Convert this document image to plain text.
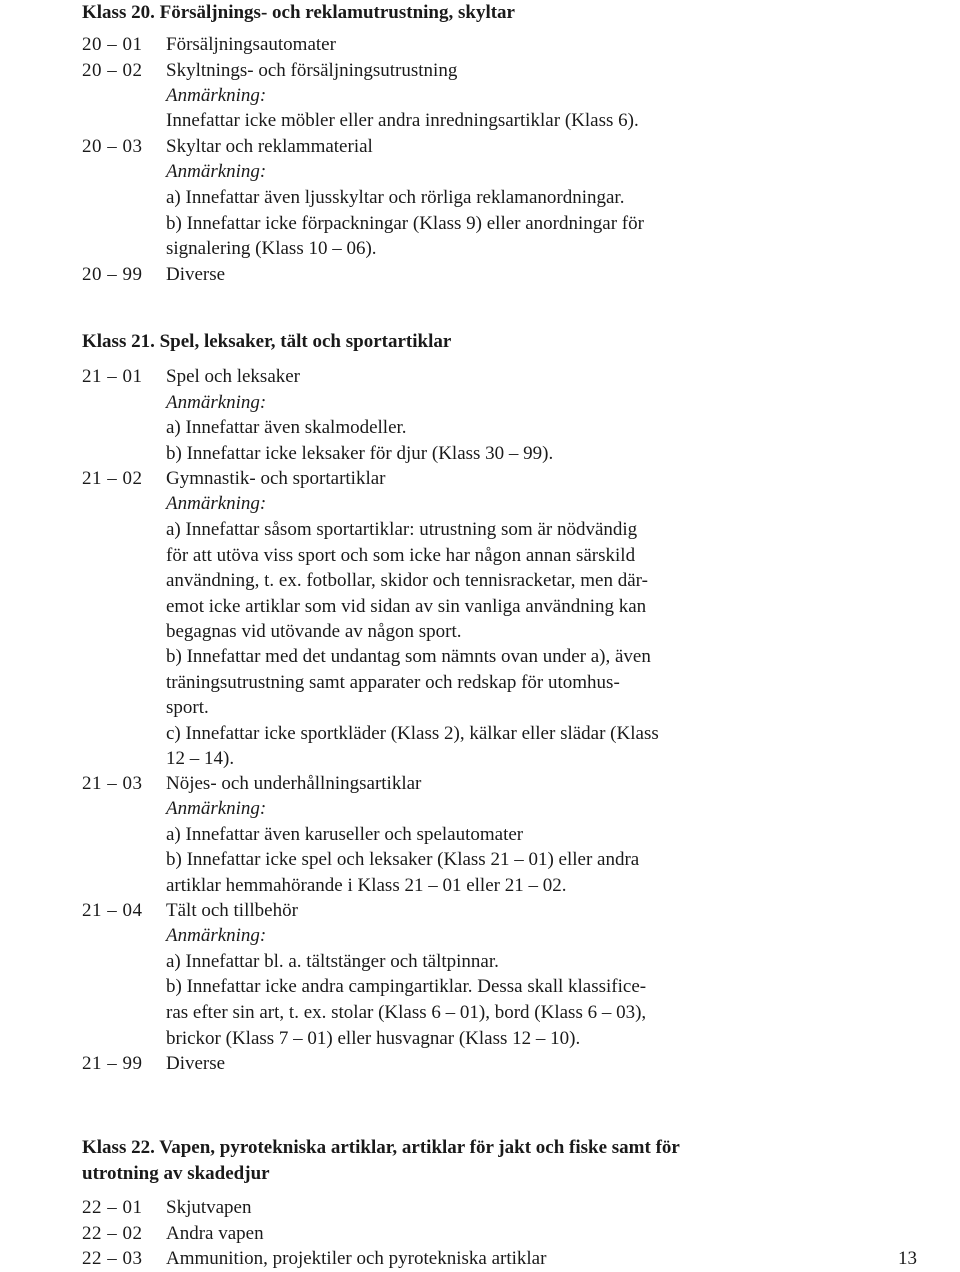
Klass 20. Försäljnings- och reklamutrustning, skyltar
20 – 01 Försäljningsautomater
20 – 02 Skyltnings- och försäljningsutrustning
Anmärkning:
Innefattar icke möbler eller andra inredningsartiklar (Klass 6).
20 – 03 Skyltar och reklammaterial
Anmärkning:
a) Innefattar även ljusskyltar och rörliga reklamanordningar.
b) Innefattar icke förpackningar (Klass 9) eller anordningar för
signalering (Klass 10 – 06).
20 – 99 Diverse
Klass 21. Spel, leksaker, tält och sportartiklar
21 – 01 Spel och leksaker
Anmärkning:
a) Innefattar även skalmodeller.
b) Innefattar icke leksaker för djur (Klass 30 – 99).
21 – 02 Gymnastik- och sportartiklar
Anmärkning:
a) Innefattar såsom sportartiklar: utrustning som är nödvändig
för att utöva viss sport och som icke har någon annan särskild
användning, t. ex. fotbollar, skidor och tennisracketar, men där-
emot icke artiklar som vid sidan av sin vanliga användning kan
begagnas vid utövande av någon sport.
b) Innefattar med det undantag som nämnts ovan under a), även
träningsutrustning samt apparater och redskap för utomhus-
sport.
c) Innefattar icke sportkläder (Klass 2), kälkar eller slädar (Klass
12 – 14).
21 – 03 Nöjes- och underhållningsartiklar
Anmärkning:
a) Innefattar även karuseller och spelautomater
b) Innefattar icke spel och leksaker (Klass 21 – 01) eller andra
artiklar hemmahörande i Klass 21 – 01 eller 21 – 02.
21 – 04 Tält och tillbehör
Anmärkning:
a) Innefattar bl. a. tältstänger och tältpinnar.
b) Innefattar icke andra campingartiklar. Dessa skall klassifice-
ras efter sin art, t. ex. stolar (Klass 6 – 01), bord (Klass 6 – 03),
brickor (Klass 7 – 01) eller husvagnar (Klass 12 – 10).
21 – 99 Diverse
Klass 22. Vapen, pyrotekniska artiklar, artiklar för jakt och fiske samt för
utrotning av skadedjur
22 – 01 Skjutvapen
22 – 02 Andra vapen
22 – 03 Ammunition, projektiler och pyrotekniska artiklar	13
